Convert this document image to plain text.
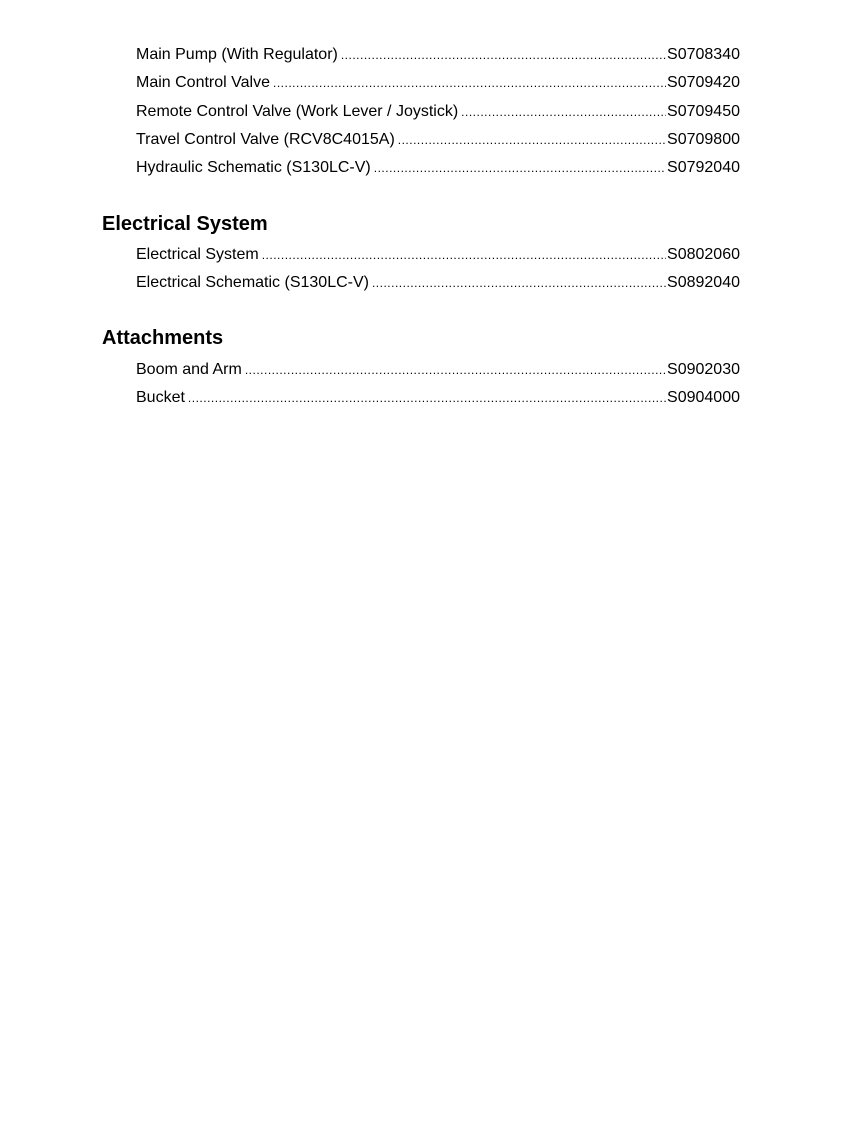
Main Pump (With Regulator) .....	S0708340
Main Control Valve .....	S0709420
Remote Control Valve (Work Lever / Joystick) .....	S0709450
Travel Control Valve (RCV8C4015A) .....	S0709800
Hydraulic Schematic (S130LC-V) .....	S0792040
Electrical System
Electrical System .....	S0802060
Electrical Schematic (S130LC-V) .....	S0892040
Attachments
Boom and Arm .....	S0902030
Bucket .....	S0904000
